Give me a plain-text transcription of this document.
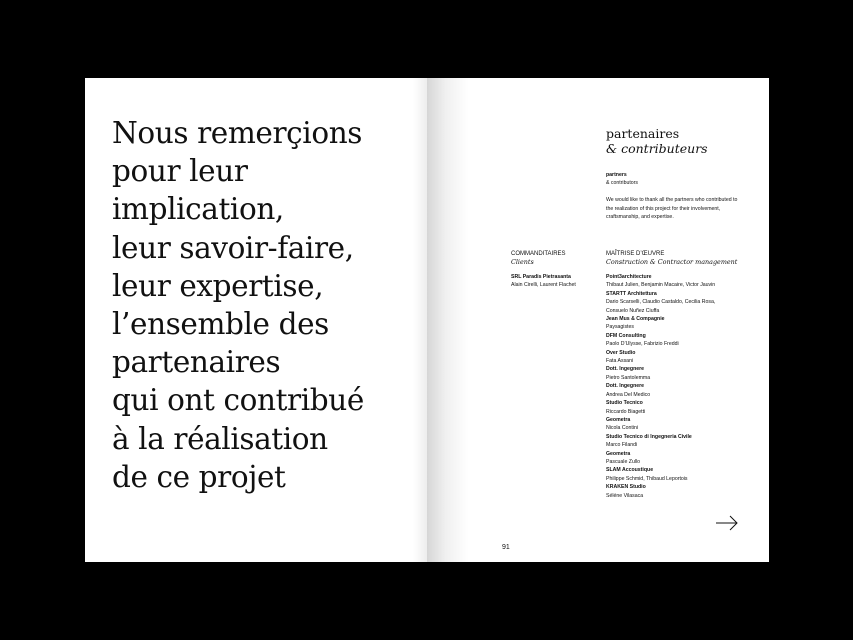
Nous remerçions
pour leur
implication,
leur savoir-faire,
leur expertise,
l’ensemble des
partenaires
qui ont contribué
à la réalisation
de ce projet
partenaires
& contributeurs
partners
& contributors
We would like to thank all the partners who contributed to the realization of this project for their involvement, craftsmanship, and expertise.
COMMANDITAIRES
Clients
SRL Paradis Pietrasanta
Alain Cirelli, Laurent Flachet
MAÎTRISE D’ŒUVRE
Construction & Contractor management
Point3architecture
Thibaut Julien, Benjamin Macaire, Victor Jauvin
STARTT Architettura
Dario Scarselli, Claudio Castaldo, Cecilia Rosa,
Consuelo Nuñez Ciuffa
Jean Mus & Compagnie
Paysagistes
DFM Consulting
Paolo D’Ulysse, Fabrizio Freddi
Over Studio
Fata Assani
Dott. Ingegnere
Pietro Santolemma
Dott. Ingegnere
Andrea Del Medico
Studio Tecnico
Riccardo Biagetti
Geometra
Nicola Contini
Studio Tecnico di Ingegneria Civile
Marco Filandi
Geometra
Pascuale Zullo
SLAM Accoustique
Philippe Schmid, Thibaud Leportois
KRAKEN Studio
Séléne Vilasaca
91
